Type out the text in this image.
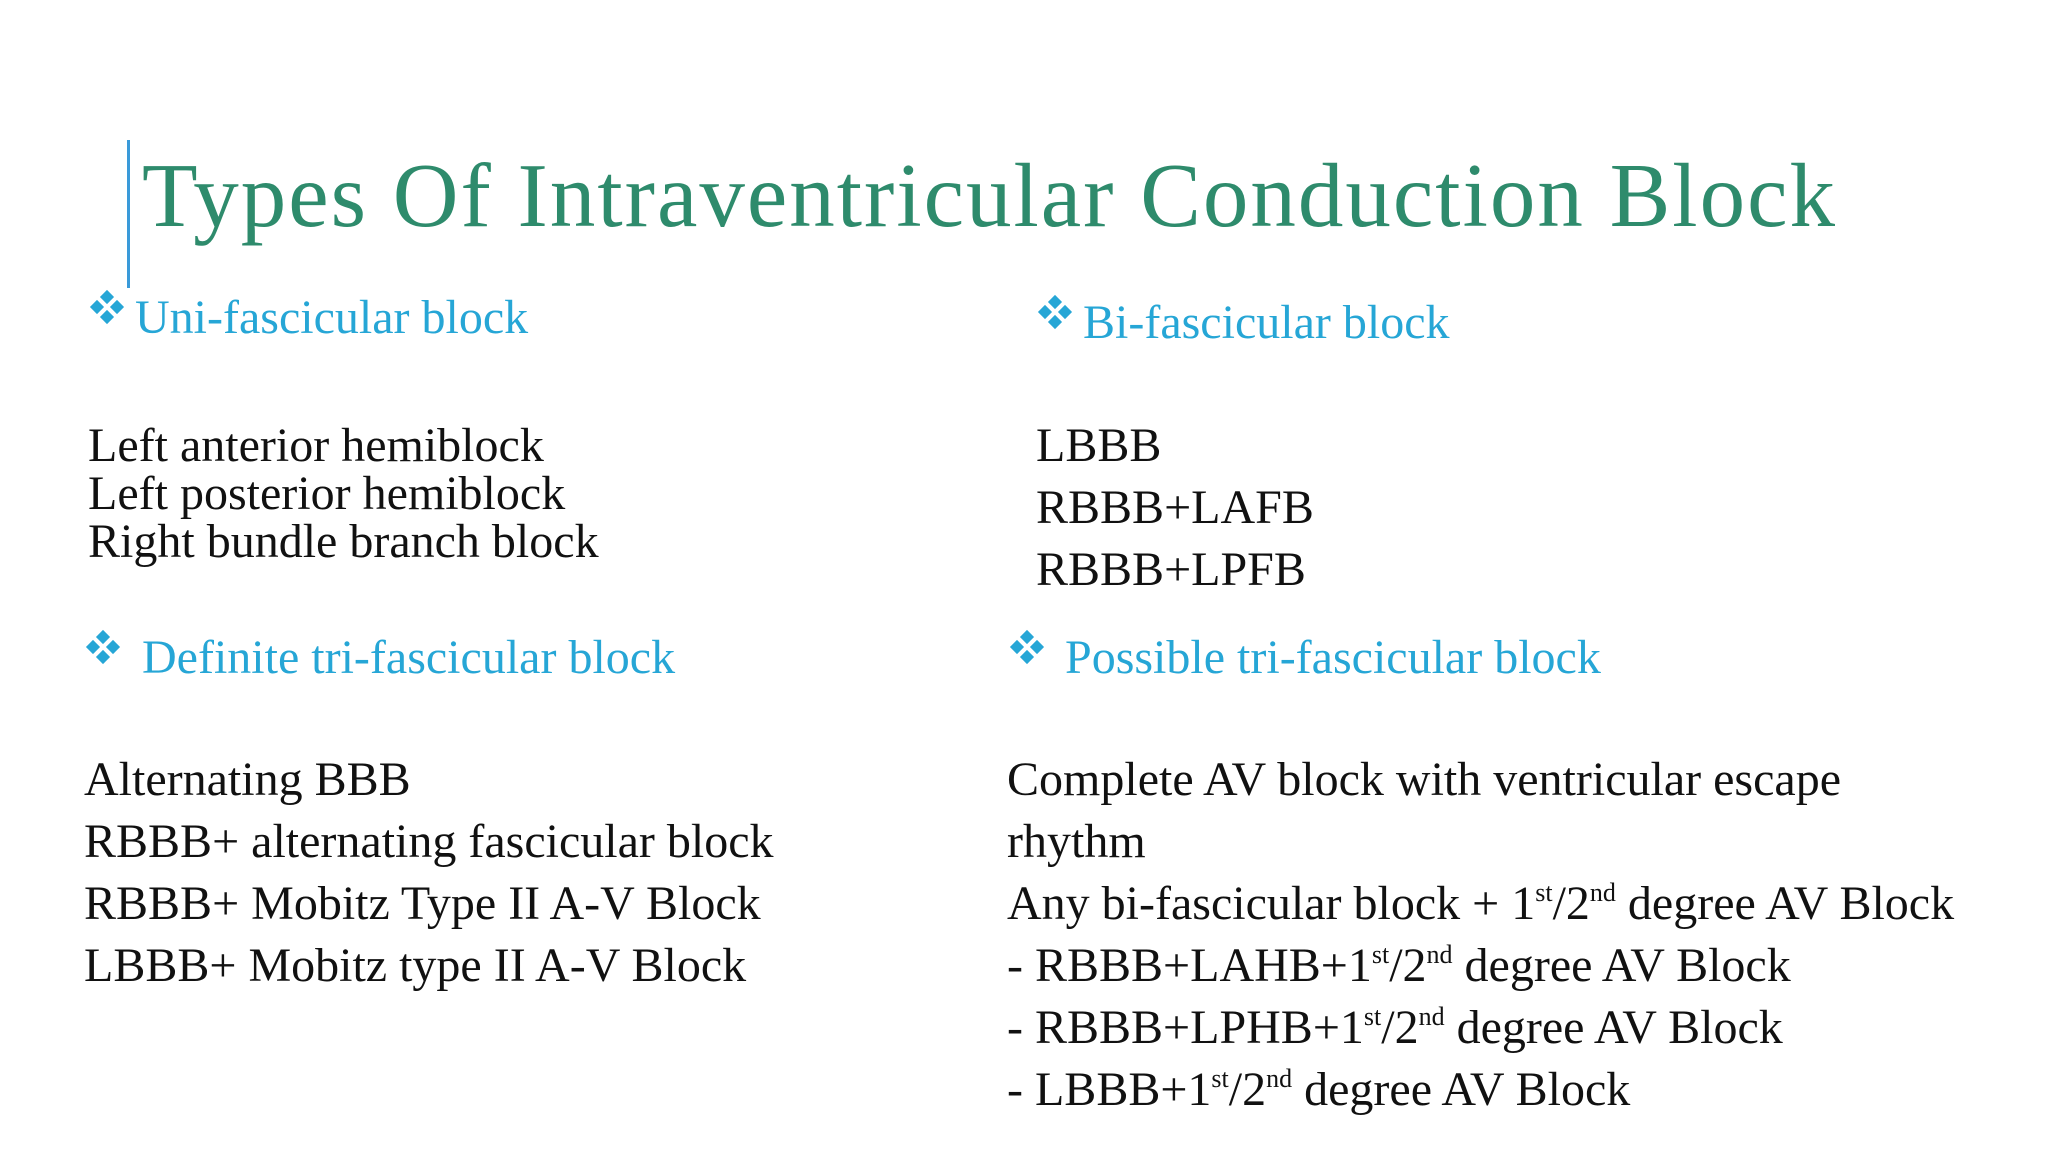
Types Of Intraventricular Conduction Block
Uni-fascicular block
Left anterior hemiblock
Left posterior hemiblock
Right bundle branch block
Bi-fascicular block
LBBB
RBBB+LAFB
RBBB+LPFB
Definite tri-fascicular block
Alternating BBB
RBBB+ alternating fascicular block
RBBB+ Mobitz Type II A-V Block
LBBB+ Mobitz type II A-V Block
Possible tri-fascicular block
Complete AV block with ventricular escape
rhythm
Any bi-fascicular block + 1st/2nd degree AV Block
- RBBB+LAHB+1st/2nd degree AV Block
- RBBB+LPHB+1st/2nd degree AV Block
- LBBB+1st/2nd degree AV Block
